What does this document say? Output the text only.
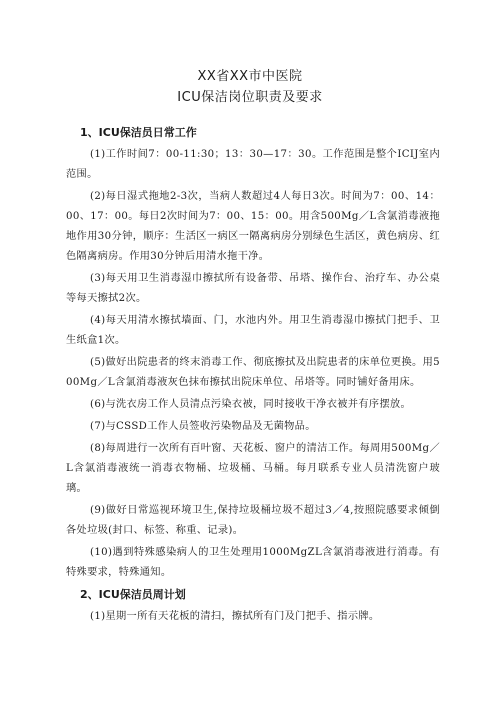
XX省XX市中医院

ICU保洁岗位职责及要求

1、ICU保洁员日常工作

(1)工作时间7：00-11:30；13：30—17：30。工作范围是整个ICIJ室内范围。

(2)每日湿式拖地2-3次，当病人数超过4人每日3次。时间为7：00、14：00、17：00。每日2次时间为7：00、15：00。用含500Mg／L含氯消毒液拖地作用30分钟，顺序：生活区一病区一隔离病房分别绿色生活区，黄色病房、红色隔离病房。作用30分钟后用清水拖干净。

(3)每天用卫生消毒湿巾擦拭所有设备带、吊塔、操作台、治疗车、办公桌等每天擦拭2次。

(4)每天用清水擦拭墙面、门，水池内外。用卫生消毒湿巾擦拭门把手、卫生纸盒1次。

(5)做好出院患者的终末消毒工作、彻底擦拭及出院患者的床单位更换。用500Mg／L含氯消毒液灰色抹布擦拭出院床单位、吊塔等。同时铺好备用床。

(6)与洗衣房工作人员清点污染衣被，同时接收干净衣被并有序摆放。

(7)与CSSD工作人员签收污染物品及无菌物品。

(8)每周进行一次所有百叶窗、天花板、窗户的清洁工作。每周用500Mg／L含氯消毒液统一消毒衣物桶、垃圾桶、马桶。每月联系专业人员清洗窗户玻璃。

(9)做好日常巡视环境卫生,保持垃圾桶垃圾不超过3／4,按照院感要求倾倒各处垃圾(封口、标签、称重、记录)。

(10)遇到特殊感染病人的卫生处理用1000MgZL含氯消毒液进行消毒。有特殊要求，特殊通知。

2、ICU保洁员周计划

(1)星期一所有天花板的清扫，擦拭所有门及门把手、指示牌。
